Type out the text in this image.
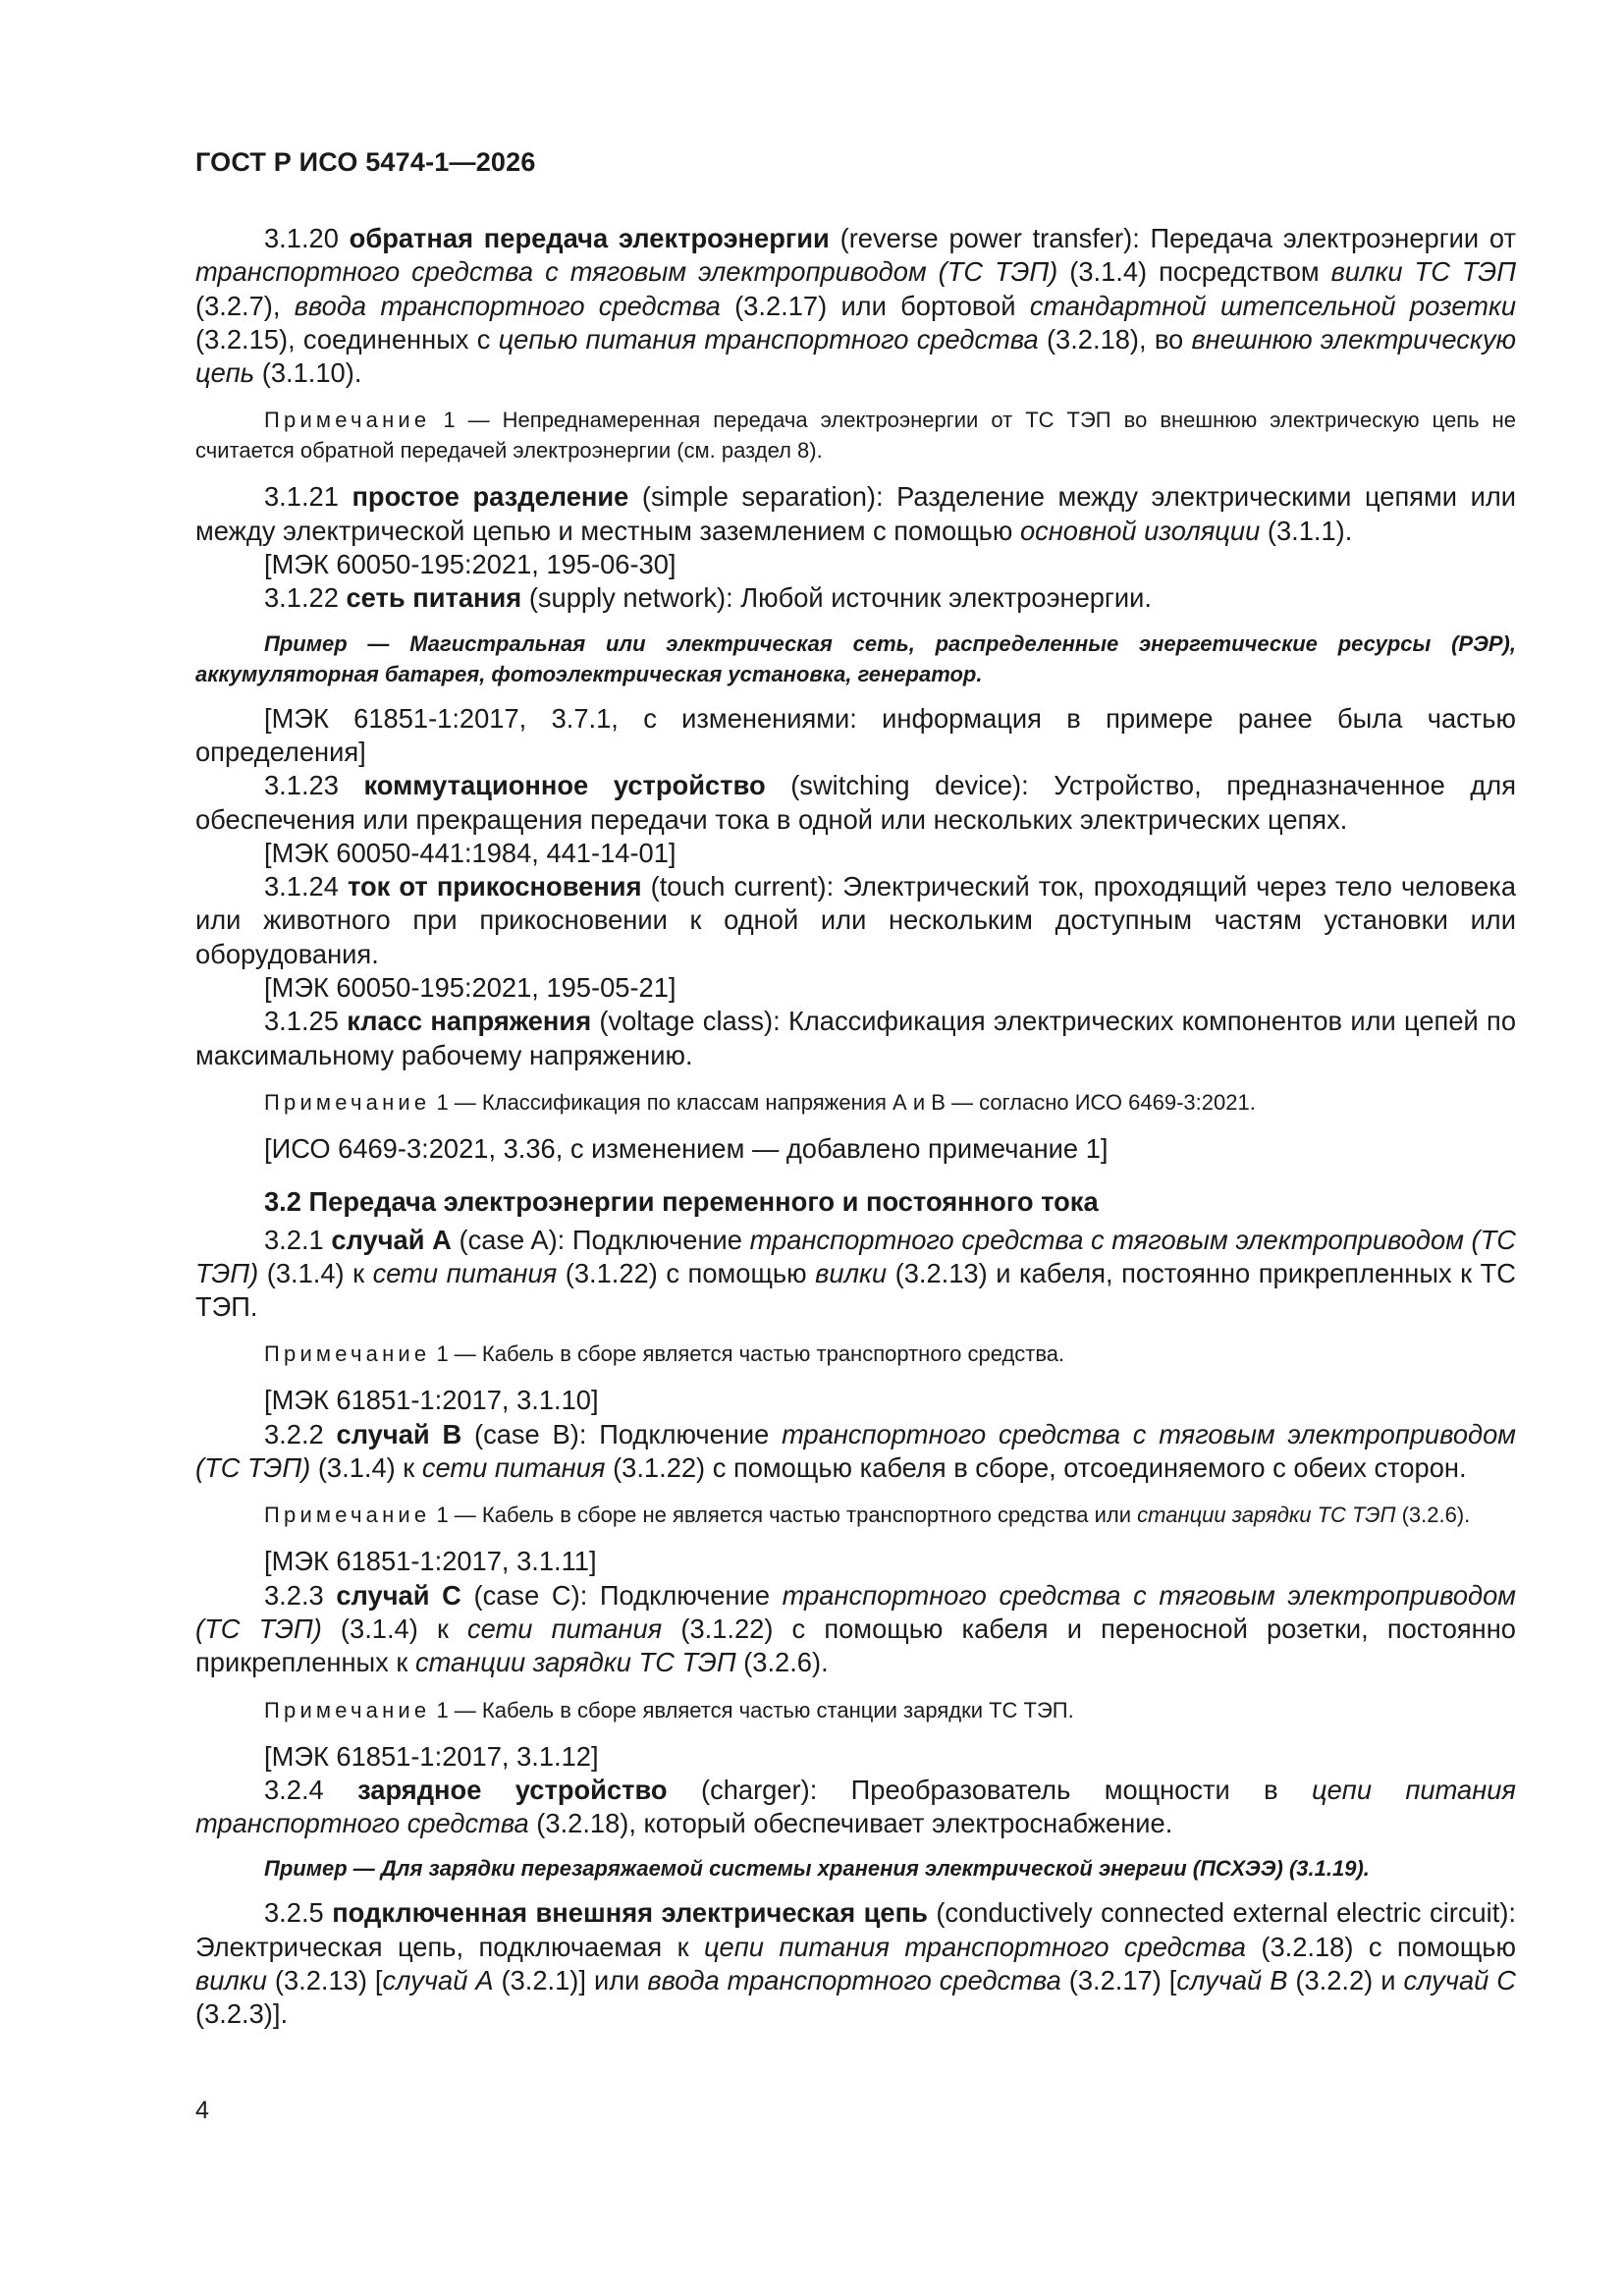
ГОСТ Р ИСО 5474-1—2026

3.1.20 обратная передача электроэнергии (reverse power transfer): Передача электроэнергии от транспортного средства с тяговым электроприводом (ТС ТЭП) (3.1.4) посредством вилки ТС ТЭП (3.2.7), ввода транспортного средства (3.2.17) или бортовой стандартной штепсельной розетки (3.2.15), соединенных с цепью питания транспортного средства (3.2.18), во внешнюю электрическую цепь (3.1.10).

Примечание 1 — Непреднамеренная передача электроэнергии от ТС ТЭП во внешнюю электрическую цепь не считается обратной передачей электроэнергии (см. раздел 8).

3.1.21 простое разделение (simple separation): Разделение между электрическими цепями или между электрической цепью и местным заземлением с помощью основной изоляции (3.1.1).

[МЭК 60050-195:2021, 195-06-30]

3.1.22 сеть питания (supply network): Любой источник электроэнергии.

Пример — Магистральная или электрическая сеть, распределенные энергетические ресурсы (РЭР), аккумуляторная батарея, фотоэлектрическая установка, генератор.

[МЭК 61851-1:2017, 3.7.1, с изменениями: информация в примере ранее была частью определения]

3.1.23 коммутационное устройство (switching device): Устройство, предназначенное для обеспечения или прекращения передачи тока в одной или нескольких электрических цепях.

[МЭК 60050-441:1984, 441-14-01]

3.1.24 ток от прикосновения (touch current): Электрический ток, проходящий через тело человека или животного при прикосновении к одной или нескольким доступным частям установки или оборудования.

[МЭК 60050-195:2021, 195-05-21]

3.1.25 класс напряжения (voltage class): Классификация электрических компонентов или цепей по максимальному рабочему напряжению.

Примечание 1 — Классификация по классам напряжения А и В — согласно ИСО 6469-3:2021.

[ИСО 6469-3:2021, 3.36, с изменением — добавлено примечание 1]

3.2 Передача электроэнергии переменного и постоянного тока

3.2.1 случай А (case A): Подключение транспортного средства с тяговым электроприводом (ТС ТЭП) (3.1.4) к сети питания (3.1.22) с помощью вилки (3.2.13) и кабеля, постоянно прикрепленных к ТС ТЭП.

Примечание 1 — Кабель в сборе является частью транспортного средства.

[МЭК 61851-1:2017, 3.1.10]

3.2.2 случай В (case B): Подключение транспортного средства с тяговым электроприводом (ТС ТЭП) (3.1.4) к сети питания (3.1.22) с помощью кабеля в сборе, отсоединяемого с обеих сторон.

Примечание 1 — Кабель в сборе не является частью транспортного средства или станции зарядки ТС ТЭП (3.2.6).

[МЭК 61851-1:2017, 3.1.11]

3.2.3 случай С (case C): Подключение транспортного средства с тяговым электроприводом (ТС ТЭП) (3.1.4) к сети питания (3.1.22) с помощью кабеля и переносной розетки, постоянно прикрепленных к станции зарядки ТС ТЭП (3.2.6).

Примечание 1 — Кабель в сборе является частью станции зарядки ТС ТЭП.

[МЭК 61851-1:2017, 3.1.12]

3.2.4 зарядное устройство (charger): Преобразователь мощности в цепи питания транспортного средства (3.2.18), который обеспечивает электроснабжение.

Пример — Для зарядки перезаряжаемой системы хранения электрической энергии (ПСХЭЭ) (3.1.19).

3.2.5 подключенная внешняя электрическая цепь (conductively connected external electric circuit): Электрическая цепь, подключаемая к цепи питания транспортного средства (3.2.18) с помощью вилки (3.2.13) [случай А (3.2.1)] или ввода транспортного средства (3.2.17) [случай В (3.2.2) и случай С (3.2.3)].

4
